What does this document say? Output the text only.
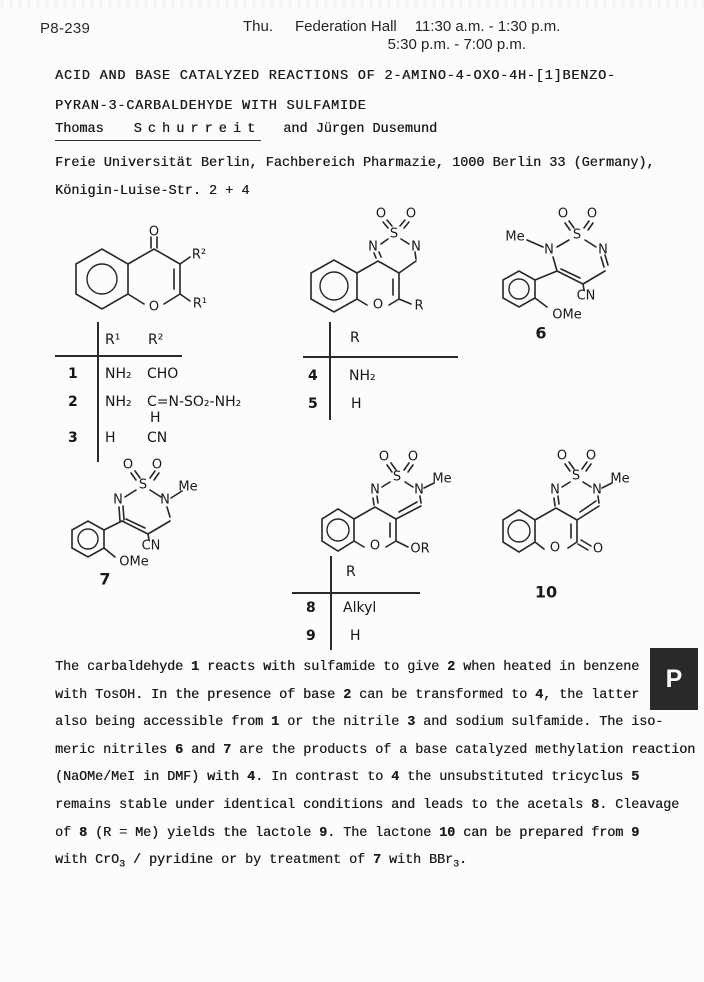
P8-239	Thu. Federation Hall 11:30 a.m. - 1:30 p.m.
5:30 p.m. - 7:00 p.m.
ACID AND BASE CATALYZED REACTIONS OF 2-AMINO-4-OXO-4H-[1]BENZO-
PYRAN-3-CARBALDEHYDE WITH SULFAMIDE
Thomas Schurreit and Jürgen Dusemund
Freie Universität Berlin, Fachbereich Pharmazie, 1000 Berlin 33 (Germany),
Königin-Luise-Str. 2 + 4
O
R²
R¹
O
R¹ R²
1 NH₂ CHO
2 NH₂ C=N-SO₂-NH₂
H
3 H CN
O O
S
N	N
O R
R
4 NH₂
5 H
Me
O O
S
N	N
CN
OMe
6
O O
S
N	N
Me
CN
OMe
7
O O
S
N	N
Me
O OR
R
8 Alkyl
9 H
O O
S
N N
Me
O	O
10
The carbaldehyde 1 reacts with sulfamide to give 2 when heated in benzene
with TosOH. In the presence of base 2 can be transformed to 4, the latter
also being accessible from 1 or the nitrile 3 and sodium sulfamide. The iso-
meric nitriles 6 and 7 are the products of a base catalyzed methylation reaction
(NaOMe/MeI in DMF) with 4. In contrast to 4 the unsubstituted tricyclus 5
remains stable under identical conditions and leads to the acetals 8. Cleavage
of 8 (R = Me) yields the lactole 9. The lactone 10 can be prepared from 9
with CrO$_3$ / pyridine or by treatment of 7 with BBr$_3$.
P
